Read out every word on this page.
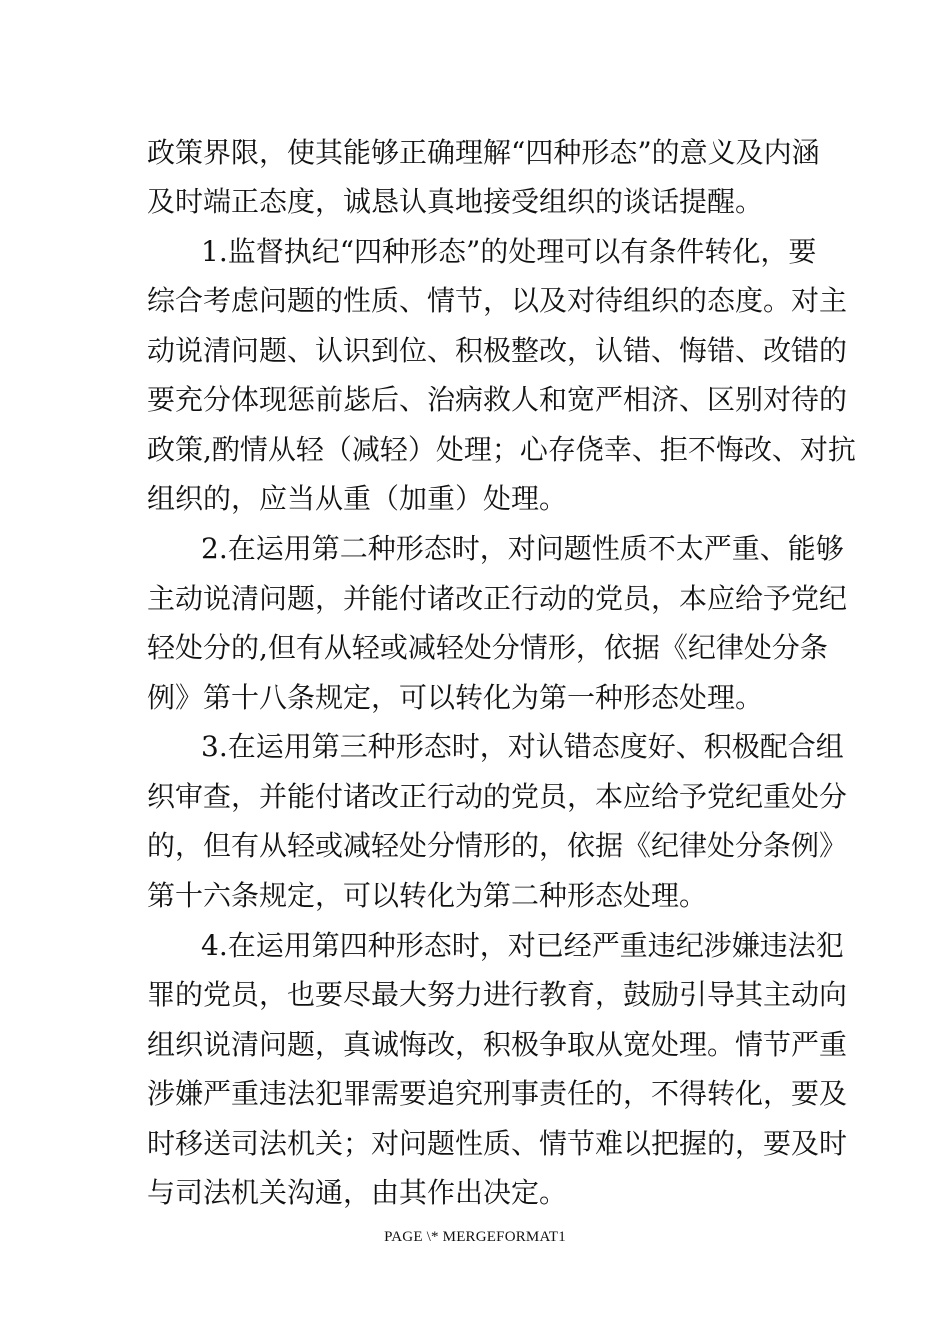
政策界限，使其能够正确理解“四种形态”的意义及内涵

及时端正态度，诚恳认真地接受组织的谈话提醒。

1.监督执纪“四种形态”的处理可以有条件转化，要

综合考虑问题的性质、情节，以及对待组织的态度。对主

动说清问题、认识到位、积极整改，认错、悔错、改错的

要充分体现惩前毖后、治病救人和宽严相济、区别对待的

政策,酌情从轻（减轻）处理；心存侥幸、拒不悔改、对抗

组织的，应当从重（加重）处理。

2.在运用第二种形态时，对问题性质不太严重、能够

主动说清问题，并能付诸改正行动的党员，本应给予党纪

轻处分的,但有从轻或减轻处分情形，依据《纪律处分条

例》第十八条规定，可以转化为第一种形态处理。

3.在运用第三种形态时，对认错态度好、积极配合组

织审查，并能付诸改正行动的党员，本应给予党纪重处分

的，但有从轻或减轻处分情形的，依据《纪律处分条例》

第十六条规定，可以转化为第二种形态处理。

4.在运用第四种形态时，对已经严重违纪涉嫌违法犯

罪的党员，也要尽最大努力进行教育，鼓励引导其主动向

组织说清问题，真诚悔改，积极争取从宽处理。情节严重

涉嫌严重违法犯罪需要追究刑事责任的，不得转化，要及

时移送司法机关；对问题性质、情节难以把握的，要及时

与司法机关沟通，由其作出决定。

PAGE \* MERGEFORMAT1
